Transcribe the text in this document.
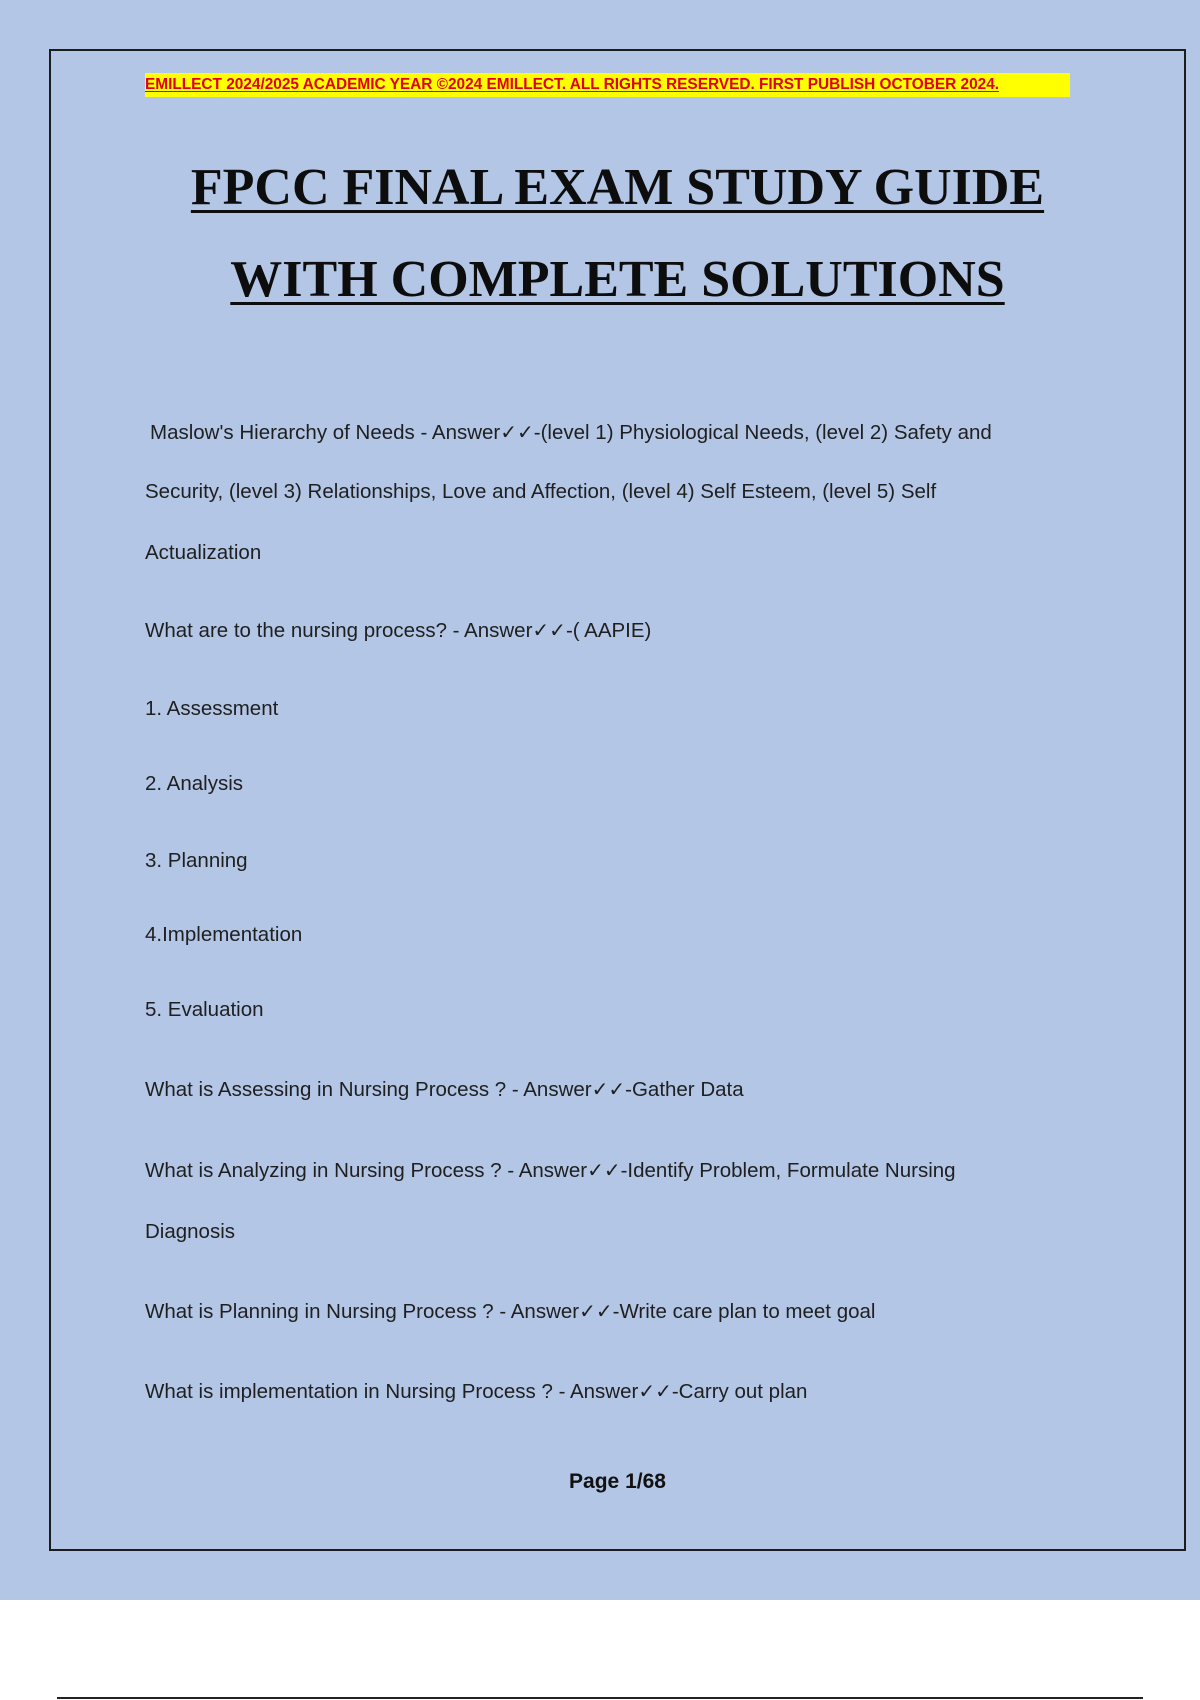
EMILLECT 2024/2025 ACADEMIC YEAR ©2024 EMILLECT. ALL RIGHTS RESERVED. FIRST PUBLISH OCTOBER 2024.
FPCC FINAL EXAM STUDY GUIDE
WITH COMPLETE SOLUTIONS
Maslow's Hierarchy of Needs - Answer✓✓-(level 1) Physiological Needs, (level 2) Safety and
Security, (level 3) Relationships, Love and Affection, (level 4) Self Esteem, (level 5) Self
Actualization
What are to the nursing process? - Answer✓✓-( AAPIE)
1. Assessment
2. Analysis
3. Planning
4.Implementation
5. Evaluation
What is Assessing in Nursing Process ? - Answer✓✓-Gather Data
What is Analyzing in Nursing Process ? - Answer✓✓-Identify Problem, Formulate Nursing
Diagnosis
What is Planning in Nursing Process ? - Answer✓✓-Write care plan to meet goal
What is implementation in Nursing Process ? - Answer✓✓-Carry out plan
Page 1/68
